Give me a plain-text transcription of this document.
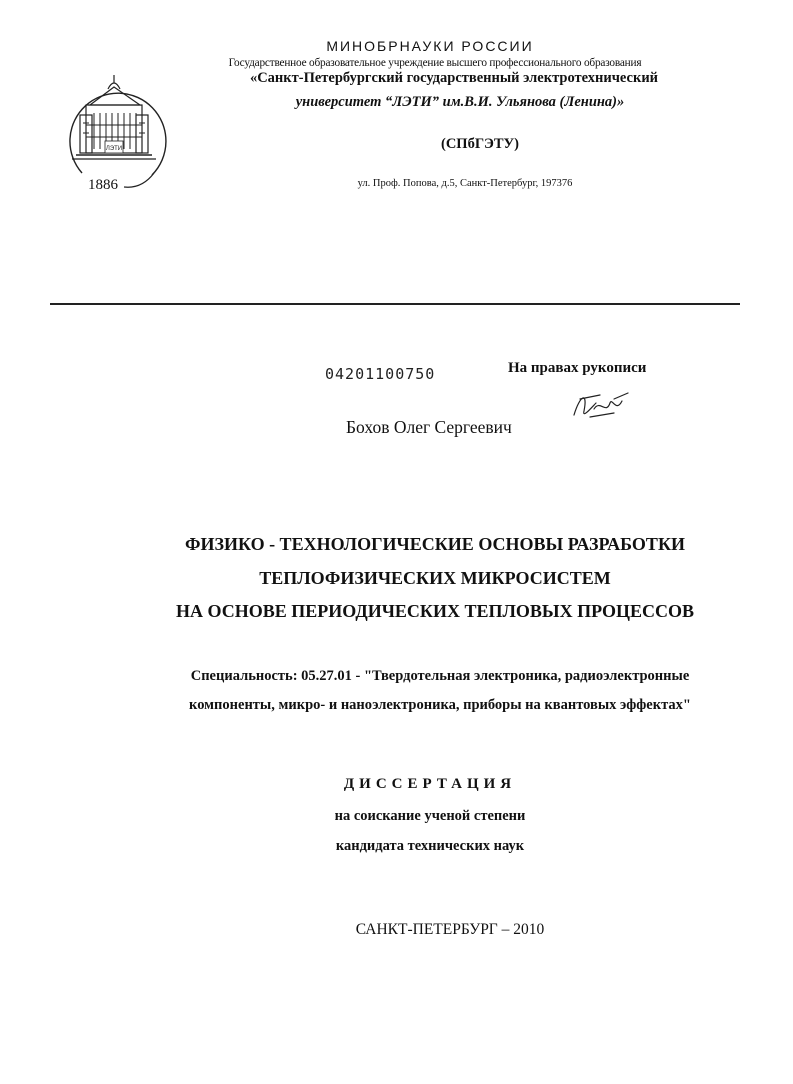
МИНОБРНАУКИ РОССИИ
Государственное образовательное учреждение высшего профессионального образования
«Санкт-Петербургский государственный электротехнический
университет “ЛЭТИ” им.В.И. Ульянова (Ленина)»
(СПбГЭТУ)
ул. Проф. Попова, д.5, Санкт-Петербург, 197376
ЛЭТИ
1886
04201100750	На правах рукописи
Бохов Олег Сергеевич
ФИЗИКО - ТЕХНОЛОГИЧЕСКИЕ ОСНОВЫ РАЗРАБОТКИ
ТЕПЛОФИЗИЧЕСКИХ МИКРОСИСТЕМ
НА ОСНОВЕ ПЕРИОДИЧЕСКИХ ТЕПЛОВЫХ ПРОЦЕССОВ
Специальность: 05.27.01 - "Твердотельная электроника, радиоэлектронные
компоненты, микро- и наноэлектроника, приборы на квантовых эффектах"
ДИССЕРТАЦИЯ
на соискание ученой степени
кандидата технических наук
САНКТ-ПЕТЕРБУРГ – 2010
